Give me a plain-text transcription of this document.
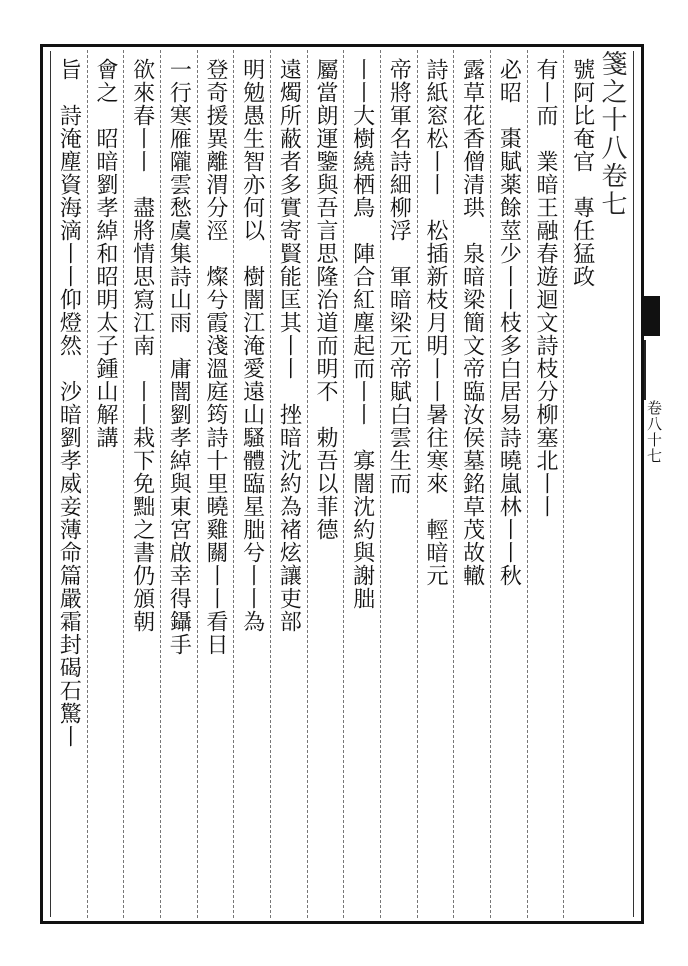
箋之十八卷七
卷八十七
號阿比奄官　專任猛政
有丨而　業暗王融春遊迴文詩枝分柳塞北丨丨
必昭　棗賦薬餘莖少丨丨枝多白居易詩曉嵐林丨丨秋
露草花香僧清珙　泉暗梁簡文帝臨汝侯墓銘草茂故轍
詩紙窓松丨丨　松插新枝月明丨丨暑往寒來　輕暗元
帝將軍名詩細柳浮　軍暗梁元帝賦白雲生而
丨丨大樹繞栖鳥　陣合紅塵起而丨丨　寡闇沈約與謝朏
屬當朗運鑒與吾言思隆治道而明不　勅吾以菲德
遠燭所蔽者多實寄賢能匡其丨丨　挫暗沈約為褚炫讓吏部
明勉愚生智亦何以　樹闇江淹愛遠山騷體臨星朏兮丨丨為
登奇援異離渭分涇　燦兮霞淺溫庭筠詩十里曉雞關丨丨看日
一行寒雁隴雲愁虞集詩山雨　庸闇劉孝綽與東宮啟幸得鑷手
欲來春丨丨　盡將情思寫江南　丨丨栽下免黜之書仍頒朝
會之　昭暗劉孝綽和昭明太子鍾山解講
旨　詩淹塵資海滴丨丨仰燈然　沙暗劉孝威妾薄命篇嚴霜封碣石驚丨
